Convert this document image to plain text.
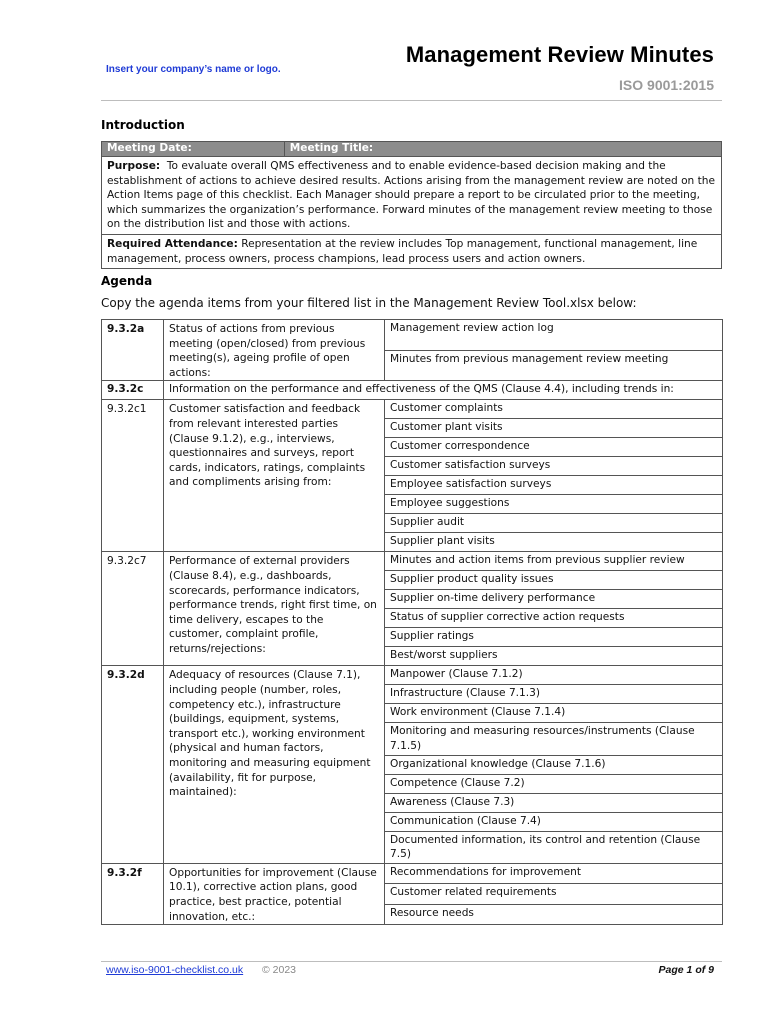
Insert your company’s name or logo.
Management Review Minutes
ISO 9001:2015
Introduction
Meeting Date:	Meeting Title:
Purpose: To evaluate overall QMS effectiveness and to enable evidence-based decision making and the establishment of actions to achieve desired results. Actions arising from the management review are noted on the Action Items page of this checklist. Each Manager should prepare a report to be circulated prior to the meeting, which summarizes the organization’s performance. Forward minutes of the management review meeting to those on the distribution list and those with actions.
Required Attendance: Representation at the review includes Top management, functional management, line management, process owners, process champions, lead process users and action owners.
Agenda

Copy the agenda items from your filtered list in the Management Review Tool.xlsx below:

9.3.2a	Status of actions from previous meeting (open/closed) from previous meeting(s), ageing profile of open actions:	Management review action log
		Minutes from previous management review meeting
9.3.2c	Information on the performance and effectiveness of the QMS (Clause 4.4), including trends in:	
9.3.2c1	Customer satisfaction and feedback from relevant interested parties (Clause 9.1.2), e.g., interviews, questionnaires and surveys, report cards, indicators, ratings, complaints and compliments arising from:	Customer complaints
		Customer plant visits
		Customer correspondence
		Customer satisfaction surveys
		Employee satisfaction surveys
		Employee suggestions
		Supplier audit
		Supplier plant visits
9.3.2c7	Performance of external providers (Clause 8.4), e.g., dashboards, scorecards, performance indicators, performance trends, right first time, on time delivery, escapes to the customer, complaint profile, returns/rejections:	Minutes and action items from previous supplier review
		Supplier product quality issues
		Supplier on-time delivery performance
		Status of supplier corrective action requests
		Supplier ratings
		Best/worst suppliers
9.3.2d	Adequacy of resources (Clause 7.1), including people (number, roles, competency etc.), infrastructure (buildings, equipment, systems, transport etc.), working environment (physical and human factors, monitoring and measuring equipment (availability, fit for purpose, maintained):	Manpower (Clause 7.1.2)
		Infrastructure (Clause 7.1.3)
		Work environment (Clause 7.1.4)
		Monitoring and measuring resources/instruments (Clause 7.1.5)
		Organizational knowledge (Clause 7.1.6)
		Competence (Clause 7.2)
		Awareness (Clause 7.3)
		Communication (Clause 7.4)
		Documented information, its control and retention (Clause 7.5)
9.3.2f	Opportunities for improvement (Clause 10.1), corrective action plans, good practice, best practice, potential innovation, etc.:	Recommendations for improvement
		Customer related requirements
		Resource needs
www.iso-9001-checklist.co.uk © 2023	Page 1 of 9
